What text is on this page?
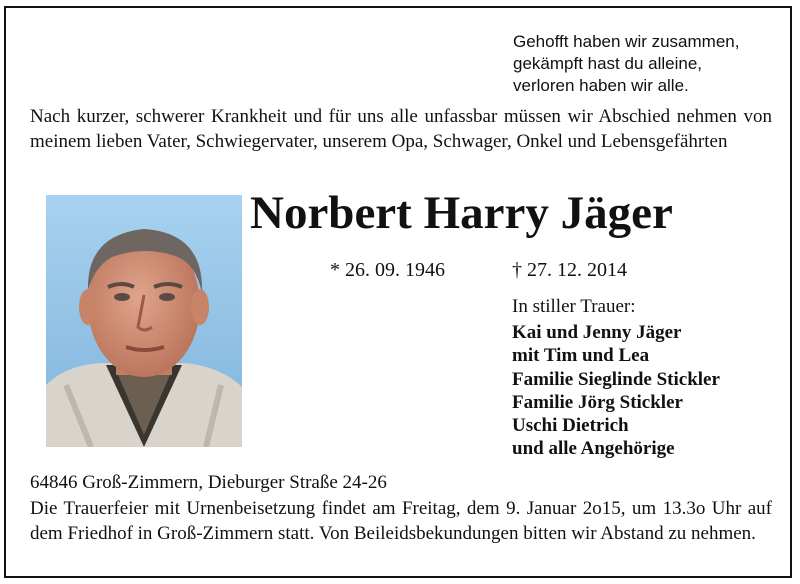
Gehofft haben wir zusammen,
gekämpft hast du alleine,
verloren haben wir alle.
Nach kurzer, schwerer Krankheit und für uns alle unfassbar müssen wir Abschied nehmen von meinem lieben Vater, Schwiegervater, unserem Opa, Schwager, Onkel und Lebensgefährten
Norbert Harry Jäger
* 26. 09. 1946	† 27. 12. 2014
In stiller Trauer:
Kai und Jenny Jäger
mit Tim und Lea
Familie Sieglinde Stickler
Familie Jörg Stickler
Uschi Dietrich
und alle Angehörige
64846 Groß-Zimmern, Dieburger Straße 24-26
Die Trauerfeier mit Urnenbeisetzung findet am Freitag, dem 9. Januar 2o15, um 13.3o Uhr auf dem Friedhof in Groß-Zimmern statt. Von Beileidsbekundungen bitten wir Abstand zu nehmen.
